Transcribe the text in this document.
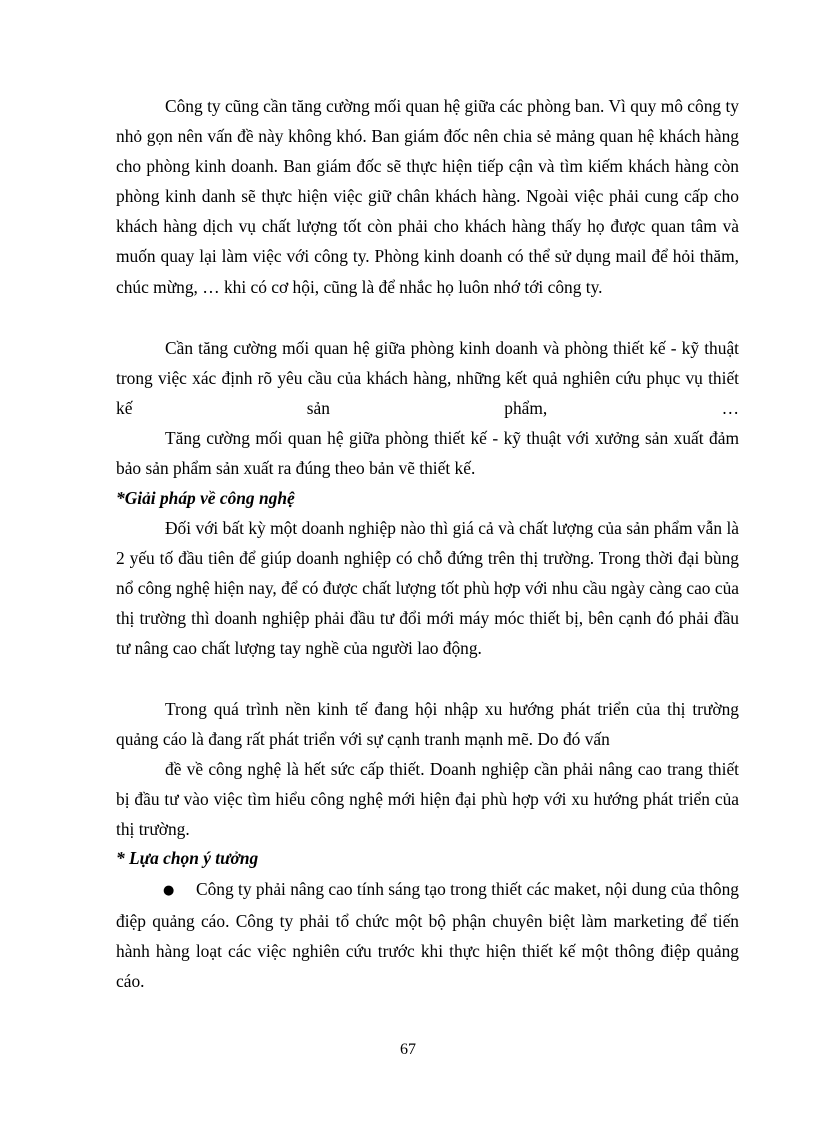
Công ty cũng cần tăng cường mối quan hệ giữa các phòng ban. Vì quy mô công ty nhỏ gọn nên vấn đề này không khó. Ban giám đốc nên chia sẻ mảng quan hệ khách hàng cho phòng kinh doanh. Ban giám đốc sẽ thực hiện tiếp cận và tìm kiếm khách hàng còn phòng kinh danh sẽ thực hiện việc giữ chân khách hàng. Ngoài việc phải cung cấp cho khách hàng dịch vụ chất lượng tốt còn phải cho khách hàng thấy họ được quan tâm và muốn quay lại làm việc với công ty. Phòng kinh doanh có thể sử dụng mail để hỏi thăm, chúc mừng, … khi có cơ hội, cũng là để nhắc họ luôn nhớ tới công ty.

Cần tăng cường mối quan hệ giữa phòng kinh doanh và phòng thiết kế - kỹ thuật trong việc xác định rõ yêu cầu của khách hàng, những kết quả nghiên cứu phục vụ thiết kế sản phẩm, …

Tăng cường mối quan hệ giữa phòng thiết kế - kỹ thuật với xưởng sản xuất đảm bảo sản phẩm sản xuất ra đúng theo bản vẽ thiết kế.

*Giải pháp về công nghệ

Đối với bất kỳ một doanh nghiệp nào thì giá cả và chất lượng của sản phẩm vẫn là 2 yếu tố đầu tiên để giúp doanh nghiệp có chỗ đứng trên thị trường. Trong thời đại bùng nổ công nghệ hiện nay, để có được chất lượng tốt phù hợp với nhu cầu ngày càng cao của thị trường thì doanh nghiệp phải đầu tư đổi mới máy móc thiết bị, bên cạnh đó phải đầu tư nâng cao chất lượng tay nghề của người lao động.

Trong quá trình nền kinh tế đang hội nhập xu hướng phát triển của thị trường quảng cáo là đang rất phát triển với sự cạnh tranh mạnh mẽ. Do đó vấn

đề về công nghệ là hết sức cấp thiết. Doanh nghiệp cần phải nâng cao trang thiết bị đầu tư vào việc tìm hiểu công nghệ mới hiện đại phù hợp với xu hướng phát triển của thị trường.

* Lựa chọn ý tưởng

● Công ty phải nâng cao tính sáng tạo trong thiết các maket, nội dung của thông điệp quảng cáo. Công ty phải tổ chức một bộ phận chuyên biệt làm marketing để tiến hành hàng loạt các việc nghiên cứu trước khi thực hiện thiết kế một thông điệp quảng cáo.

67
